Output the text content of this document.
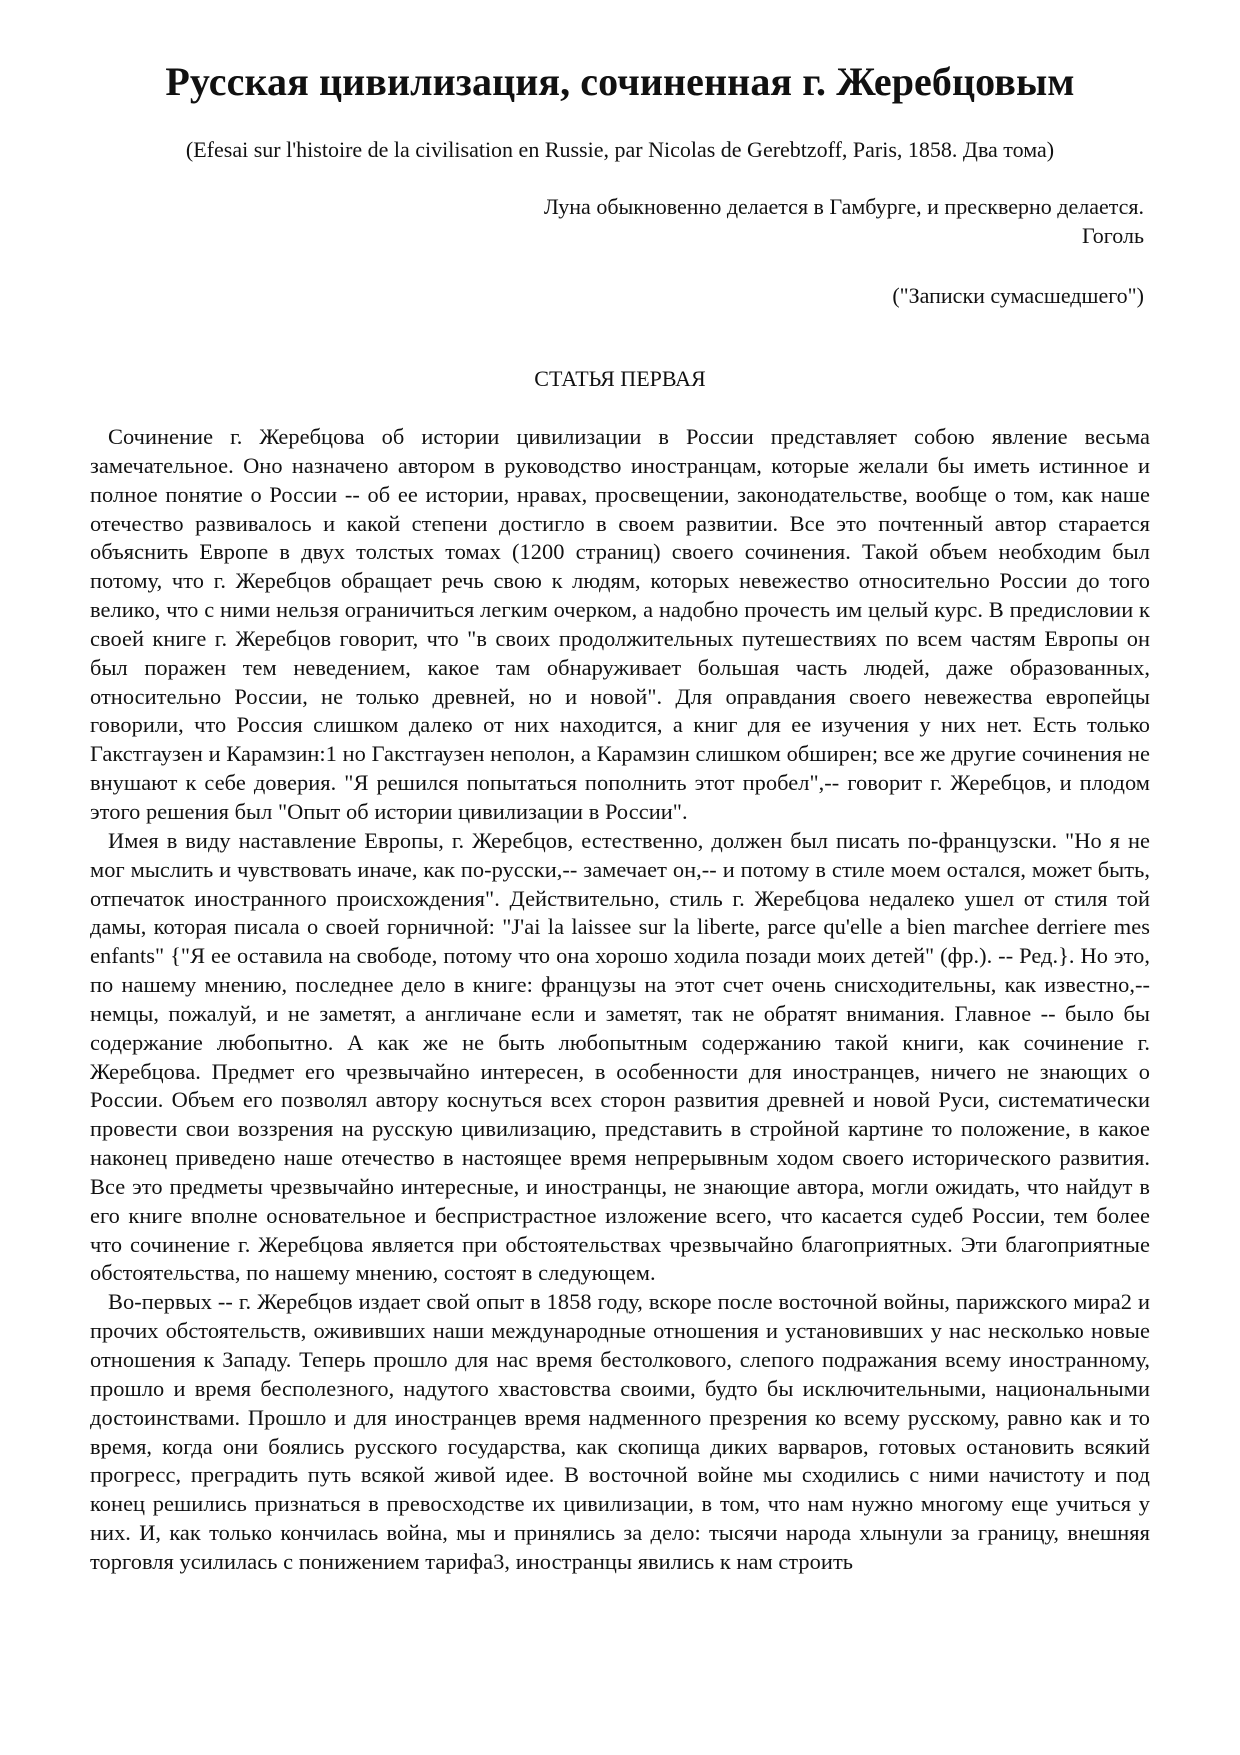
Русская цивилизация, сочиненная г. Жеребцовым

(Efesai sur l'histoire de la civilisation en Russie, par Nicolas de Gerebtzoff, Paris, 1858. Два тома)

Луна обыкновенно делается в Гамбурге, и прескверно делается.
Гоголь

("Записки сумасшедшего")

СТАТЬЯ ПЕРВАЯ

Сочинение г. Жеребцова об истории цивилизации в России представляет собою явление весьма замечательное. Оно назначено автором в руководство иностранцам, которые желали бы иметь истинное и полное понятие о России -- об ее истории, нравах, просвещении, законодательстве, вообще о том, как наше отечество развивалось и какой степени достигло в своем развитии. Все это почтенный автор старается объяснить Европе в двух толстых томах (1200 страниц) своего сочинения. Такой объем необходим был потому, что г. Жеребцов обращает речь свою к людям, которых невежество относительно России до того велико, что с ними нельзя ограничиться легким очерком, а надобно прочесть им целый курс. В предисловии к своей книге г. Жеребцов говорит, что "в своих продолжительных путешествиях по всем частям Европы он был поражен тем неведением, какое там обнаруживает большая часть людей, даже образованных, относительно России, не только древней, но и новой". Для оправдания своего невежества европейцы говорили, что Россия слишком далеко от них находится, а книг для ее изучения у них нет. Есть только Гакстгаузен и Карамзин:1 но Гакстгаузен неполон, а Карамзин слишком обширен; все же другие сочинения не внушают к себе доверия. "Я решился попытаться пополнить этот пробел",-- говорит г. Жеребцов, и плодом этого решения был "Опыт об истории цивилизации в России".

Имея в виду наставление Европы, г. Жеребцов, естественно, должен был писать по-французски. "Но я не мог мыслить и чувствовать иначе, как по-русски,-- замечает он,-- и потому в стиле моем остался, может быть, отпечаток иностранного происхождения". Действительно, стиль г. Жеребцова недалеко ушел от стиля той дамы, которая писала о своей горничной: "J'ai la laissee sur la liberte, parce qu'elle a bien marchee derriere mes enfants" {"Я ее оставила на свободе, потому что она хорошо ходила позади моих детей" (фр.). -- Ред.}. Но это, по нашему мнению, последнее дело в книге: французы на этот счет очень снисходительны, как известно,-- немцы, пожалуй, и не заметят, а англичане если и заметят, так не обратят внимания. Главное -- было бы содержание любопытно. А как же не быть любопытным содержанию такой книги, как сочинение г. Жеребцова. Предмет его чрезвычайно интересен, в особенности для иностранцев, ничего не знающих о России. Объем его позволял автору коснуться всех сторон развития древней и новой Руси, систематически провести свои воззрения на русскую цивилизацию, представить в стройной картине то положение, в какое наконец приведено наше отечество в настоящее время непрерывным ходом своего исторического развития. Все это предметы чрезвычайно интересные, и иностранцы, не знающие автора, могли ожидать, что найдут в его книге вполне основательное и беспристрастное изложение всего, что касается судеб России, тем более что сочинение г. Жеребцова является при обстоятельствах чрезвычайно благоприятных. Эти благоприятные обстоятельства, по нашему мнению, состоят в следующем.

Во-первых -- г. Жеребцов издает свой опыт в 1858 году, вскоре после восточной войны, парижского мира2 и прочих обстоятельств, ожививших наши международные отношения и установивших у нас несколько новые отношения к Западу. Теперь прошло для нас время бестолкового, слепого подражания всему иностранному, прошло и время бесполезного, надутого хвастовства своими, будто бы исключительными, национальными достоинствами. Прошло и для иностранцев время надменного презрения ко всему русскому, равно как и то время, когда они боялись русского государства, как скопища диких варваров, готовых остановить всякий прогресс, преградить путь всякой живой идее. В восточной войне мы сходились с ними начистоту и под конец решились признаться в превосходстве их цивилизации, в том, что нам нужно многому еще учиться у них. И, как только кончилась война, мы и принялись за дело: тысячи народа хлынули за границу, внешняя торговля усилилась с понижением тарифа3, иностранцы явились к нам строить
